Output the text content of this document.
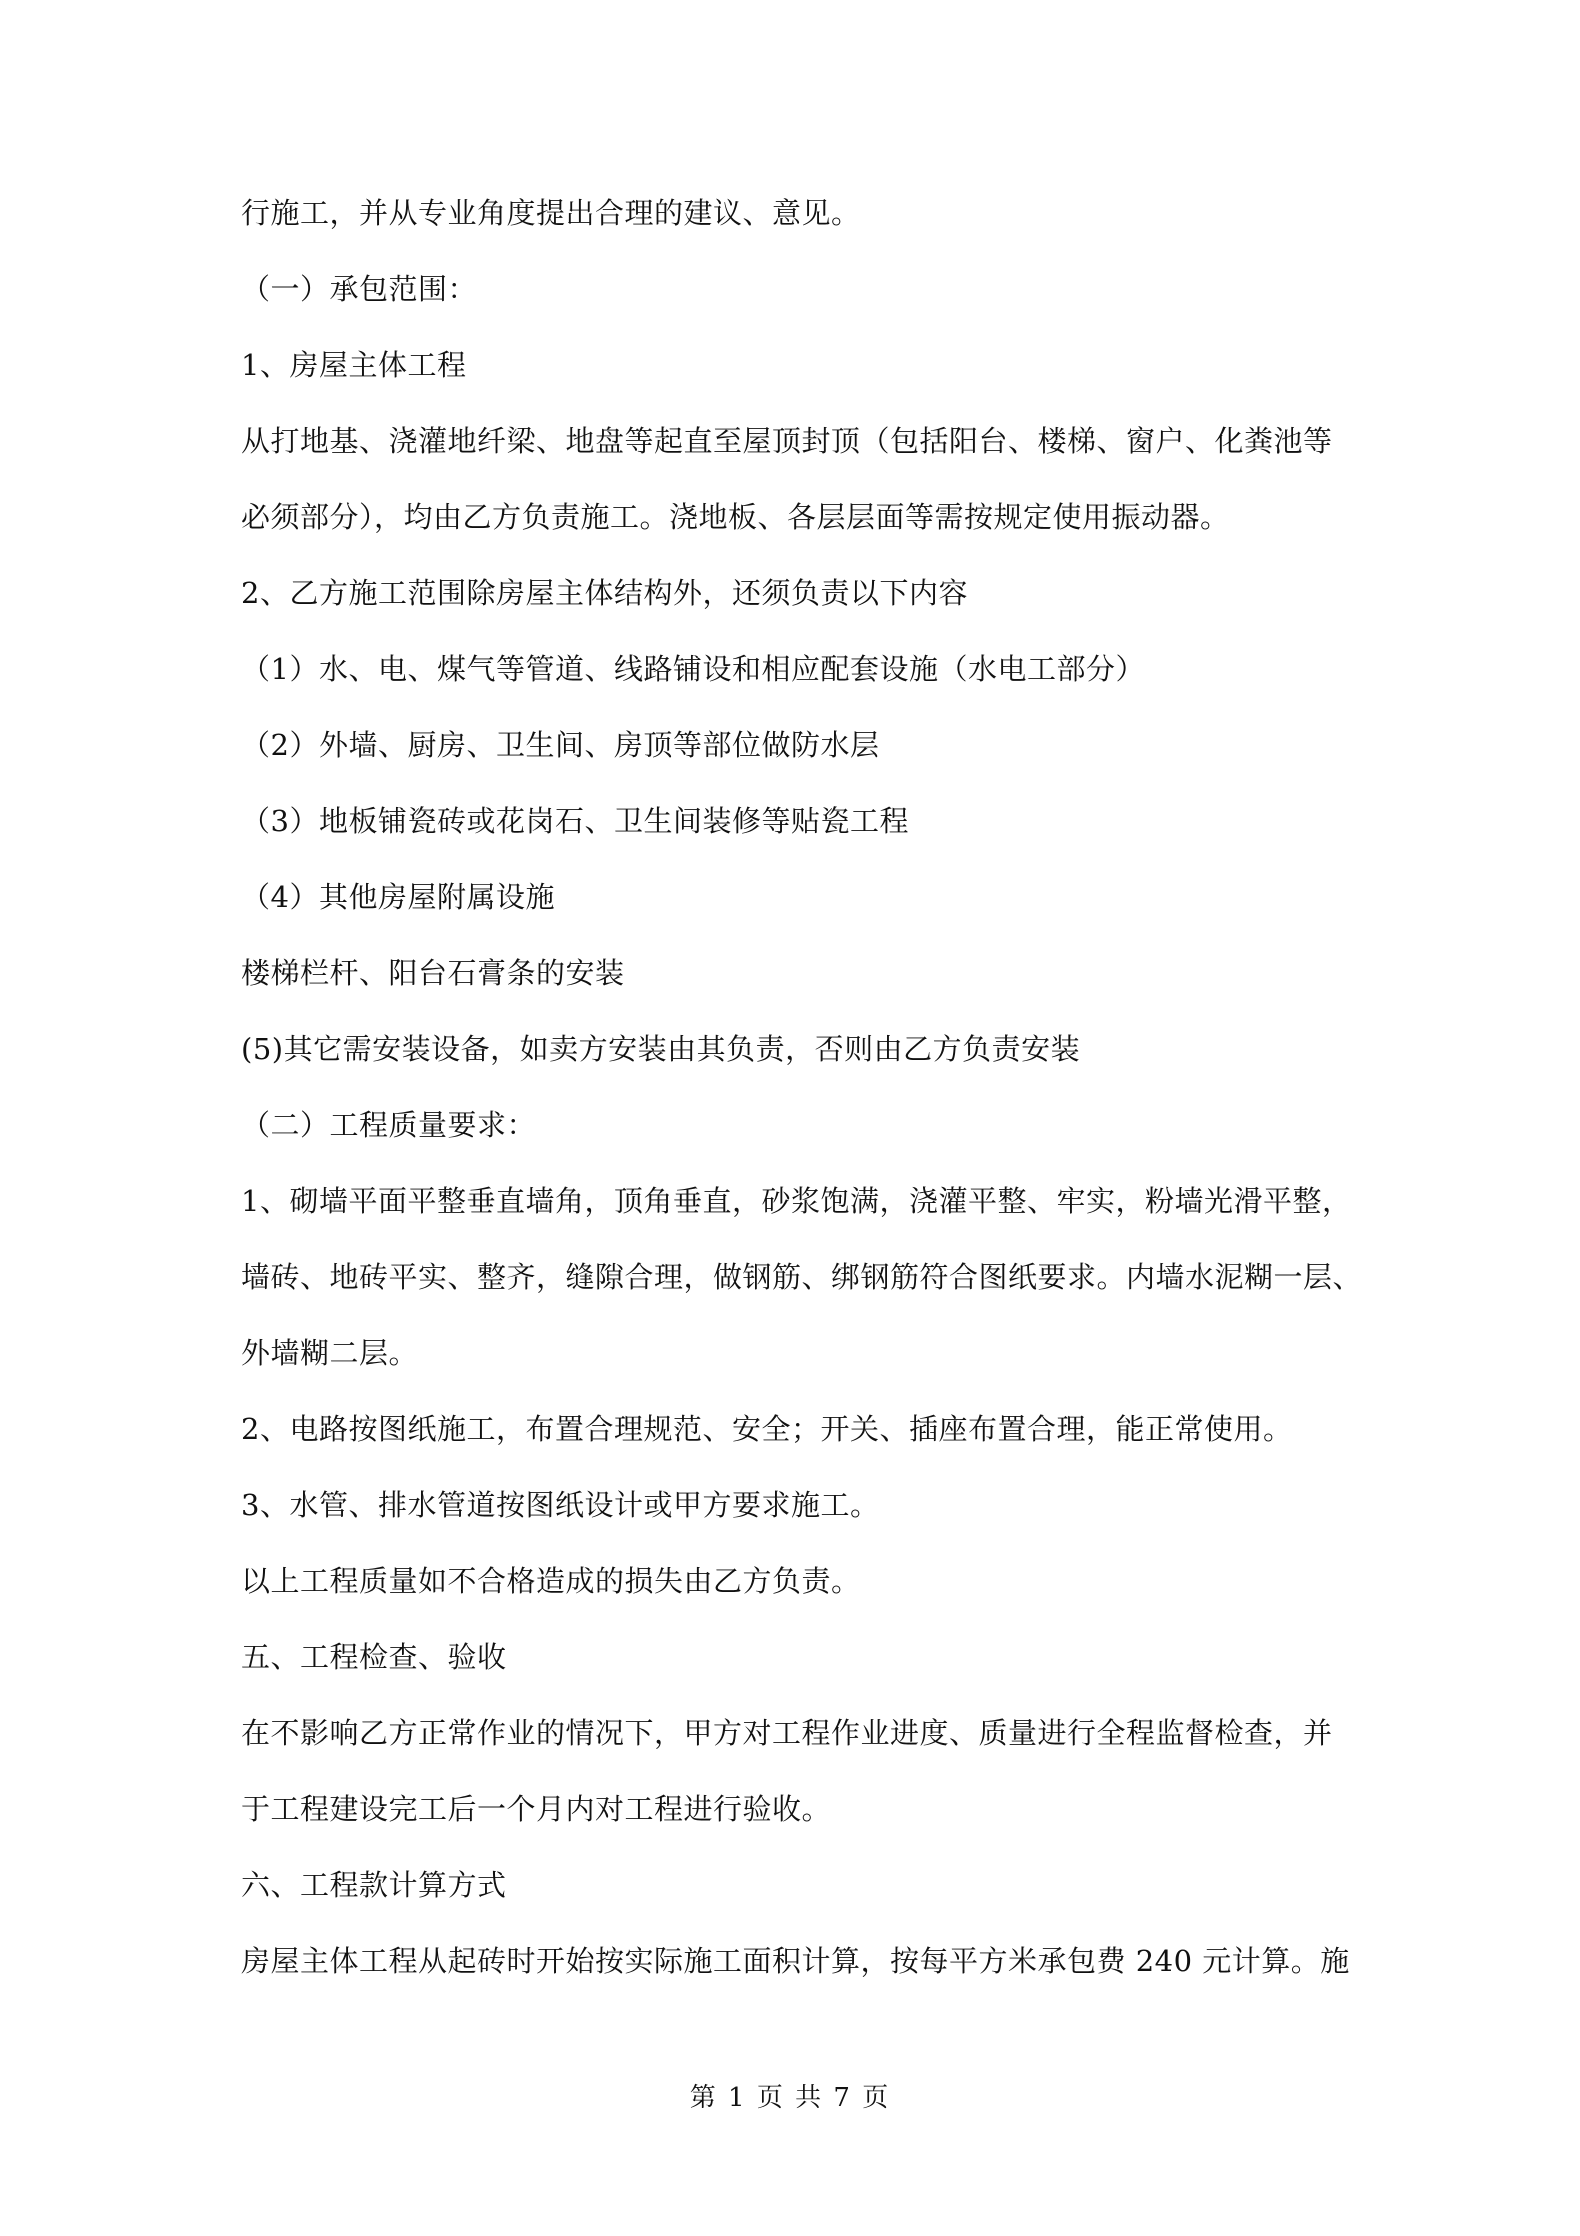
行施工，并从专业角度提出合理的建议、意见。
（一）承包范围：
1、房屋主体工程
从打地基、浇灌地纤梁、地盘等起直至屋顶封顶（包括阳台、楼梯、窗户、化粪池等
必须部分），均由乙方负责施工。浇地板、各层层面等需按规定使用振动器。
2、乙方施工范围除房屋主体结构外，还须负责以下内容
（1）水、电、煤气等管道、线路铺设和相应配套设施（水电工部分）
（2）外墙、厨房、卫生间、房顶等部位做防水层
（3）地板铺瓷砖或花岗石、卫生间装修等贴瓷工程
（4）其他房屋附属设施
楼梯栏杆、阳台石膏条的安装
(5)其它需安装设备，如卖方安装由其负责，否则由乙方负责安装
（二）工程质量要求：
1、砌墙平面平整垂直墙角，顶角垂直，砂浆饱满，浇灌平整、牢实，粉墙光滑平整，
墙砖、地砖平实、整齐，缝隙合理，做钢筋、绑钢筋符合图纸要求。内墙水泥糊一层、
外墙糊二层。
2、电路按图纸施工，布置合理规范、安全；开关、插座布置合理，能正常使用。
3、水管、排水管道按图纸设计或甲方要求施工。
以上工程质量如不合格造成的损失由乙方负责。
五、工程检查、验收
在不影响乙方正常作业的情况下，甲方对工程作业进度、质量进行全程监督检查，并
于工程建设完工后一个月内对工程进行验收。
六、工程款计算方式
房屋主体工程从起砖时开始按实际施工面积计算，按每平方米承包费 240 元计算。施
第 1 页 共 7 页
